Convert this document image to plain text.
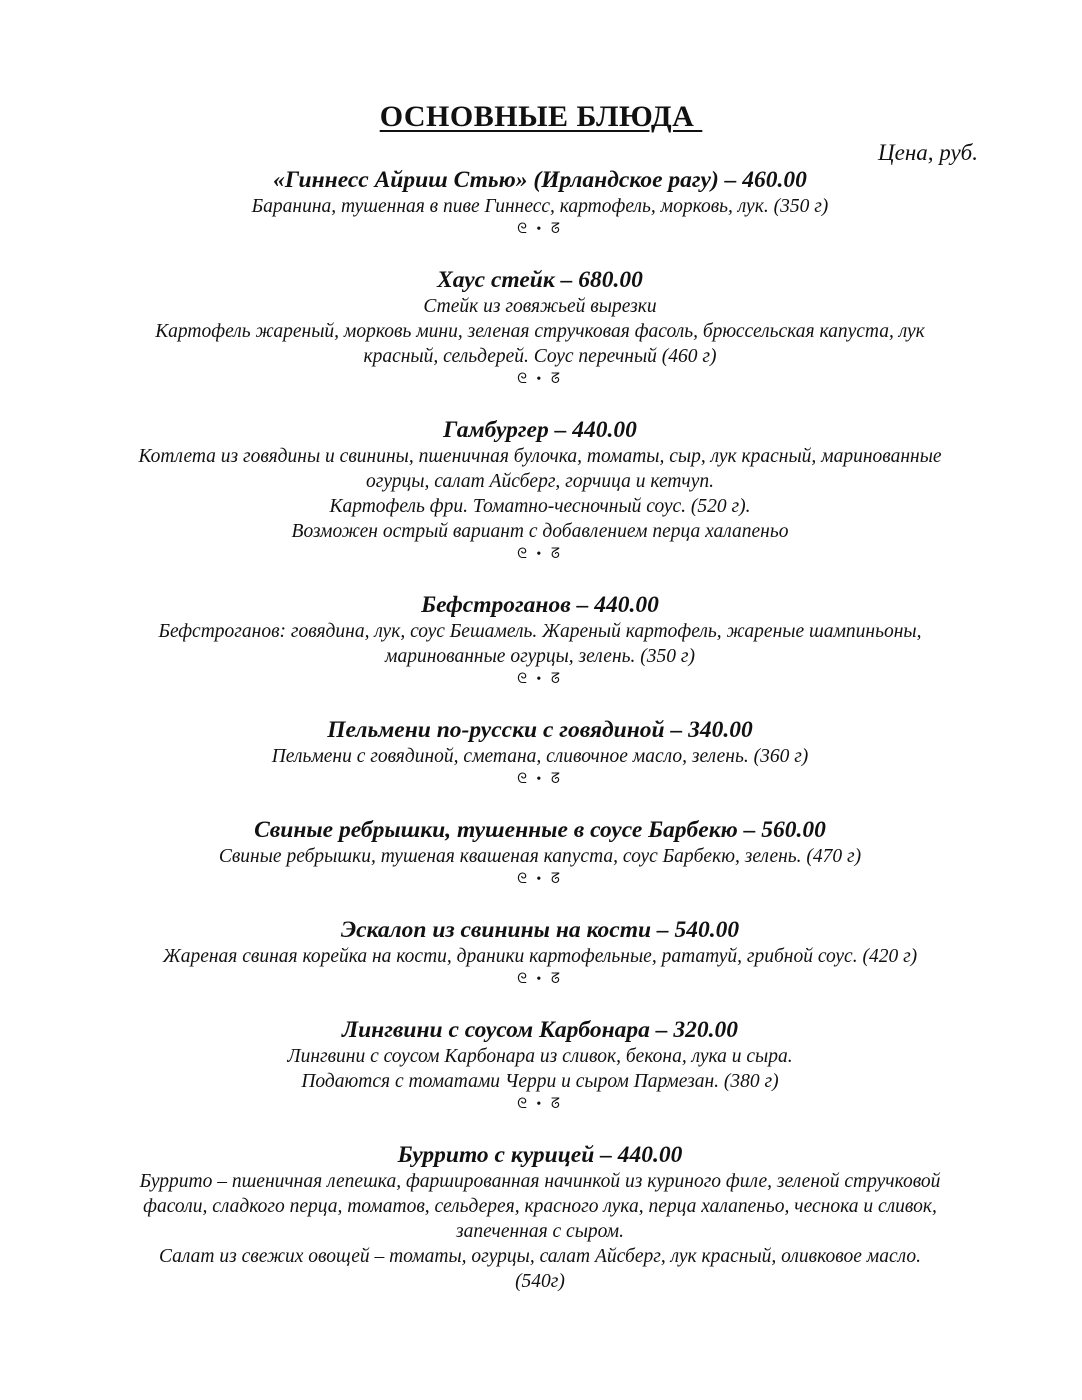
ОСНОВНЫЕ БЛЮДА
Цена, руб.
«Гиннесс Айриш Стью» (Ирландское рагу) – 460.00
Баранина, тушенная в пиве Гиннесс, картофель, морковь, лук. (350 г)
ᘓ • ᘔ
Хаус стейк – 680.00
Стейк из говяжьей вырезки
Картофель жареный, морковь мини, зеленая стручковая фасоль, брюссельская капуста, лук
красный, сельдерей. Соус перечный (460 г)
ᘓ • ᘔ
Гамбургер – 440.00
Котлета из говядины и свинины, пшеничная булочка, томаты, сыр, лук красный, маринованные
огурцы, салат Айсберг, горчица и кетчуп.
Картофель фри. Томатно-чесночный соус. (520 г).
Возможен острый вариант с добавлением перца халапеньо
ᘓ • ᘔ
Бефстроганов – 440.00
Бефстроганов: говядина, лук, соус Бешамель. Жареный картофель, жареные шампиньоны,
маринованные огурцы, зелень. (350 г)
ᘓ • ᘔ
Пельмени по-русски с говядиной – 340.00
Пельмени с говядиной, сметана, сливочное масло, зелень. (360 г)
ᘓ • ᘔ
Свиные ребрышки, тушенные в соусе Барбекю – 560.00
Свиные ребрышки, тушеная квашеная капуста, соус Барбекю, зелень. (470 г)
ᘓ • ᘔ
Эскалоп из свинины на кости – 540.00
Жареная свиная корейка на кости, драники картофельные, рататуй, грибной соус. (420 г)
ᘓ • ᘔ
Лингвини с соусом Карбонара – 320.00
Лингвини с соусом Карбонара из сливок, бекона, лука и сыра.
Подаются с томатами Черри и сыром Пармезан. (380 г)
ᘓ • ᘔ
Буррито с курицей – 440.00
Буррито – пшеничная лепешка, фаршированная начинкой из куриного филе, зеленой стручковой
фасоли, сладкого перца, томатов, сельдерея, красного лука, перца халапеньо, чеснока и сливок,
запеченная с сыром.
Салат из свежих овощей – томаты, огурцы, салат Айсберг, лук красный, оливковое масло.
(540г)
